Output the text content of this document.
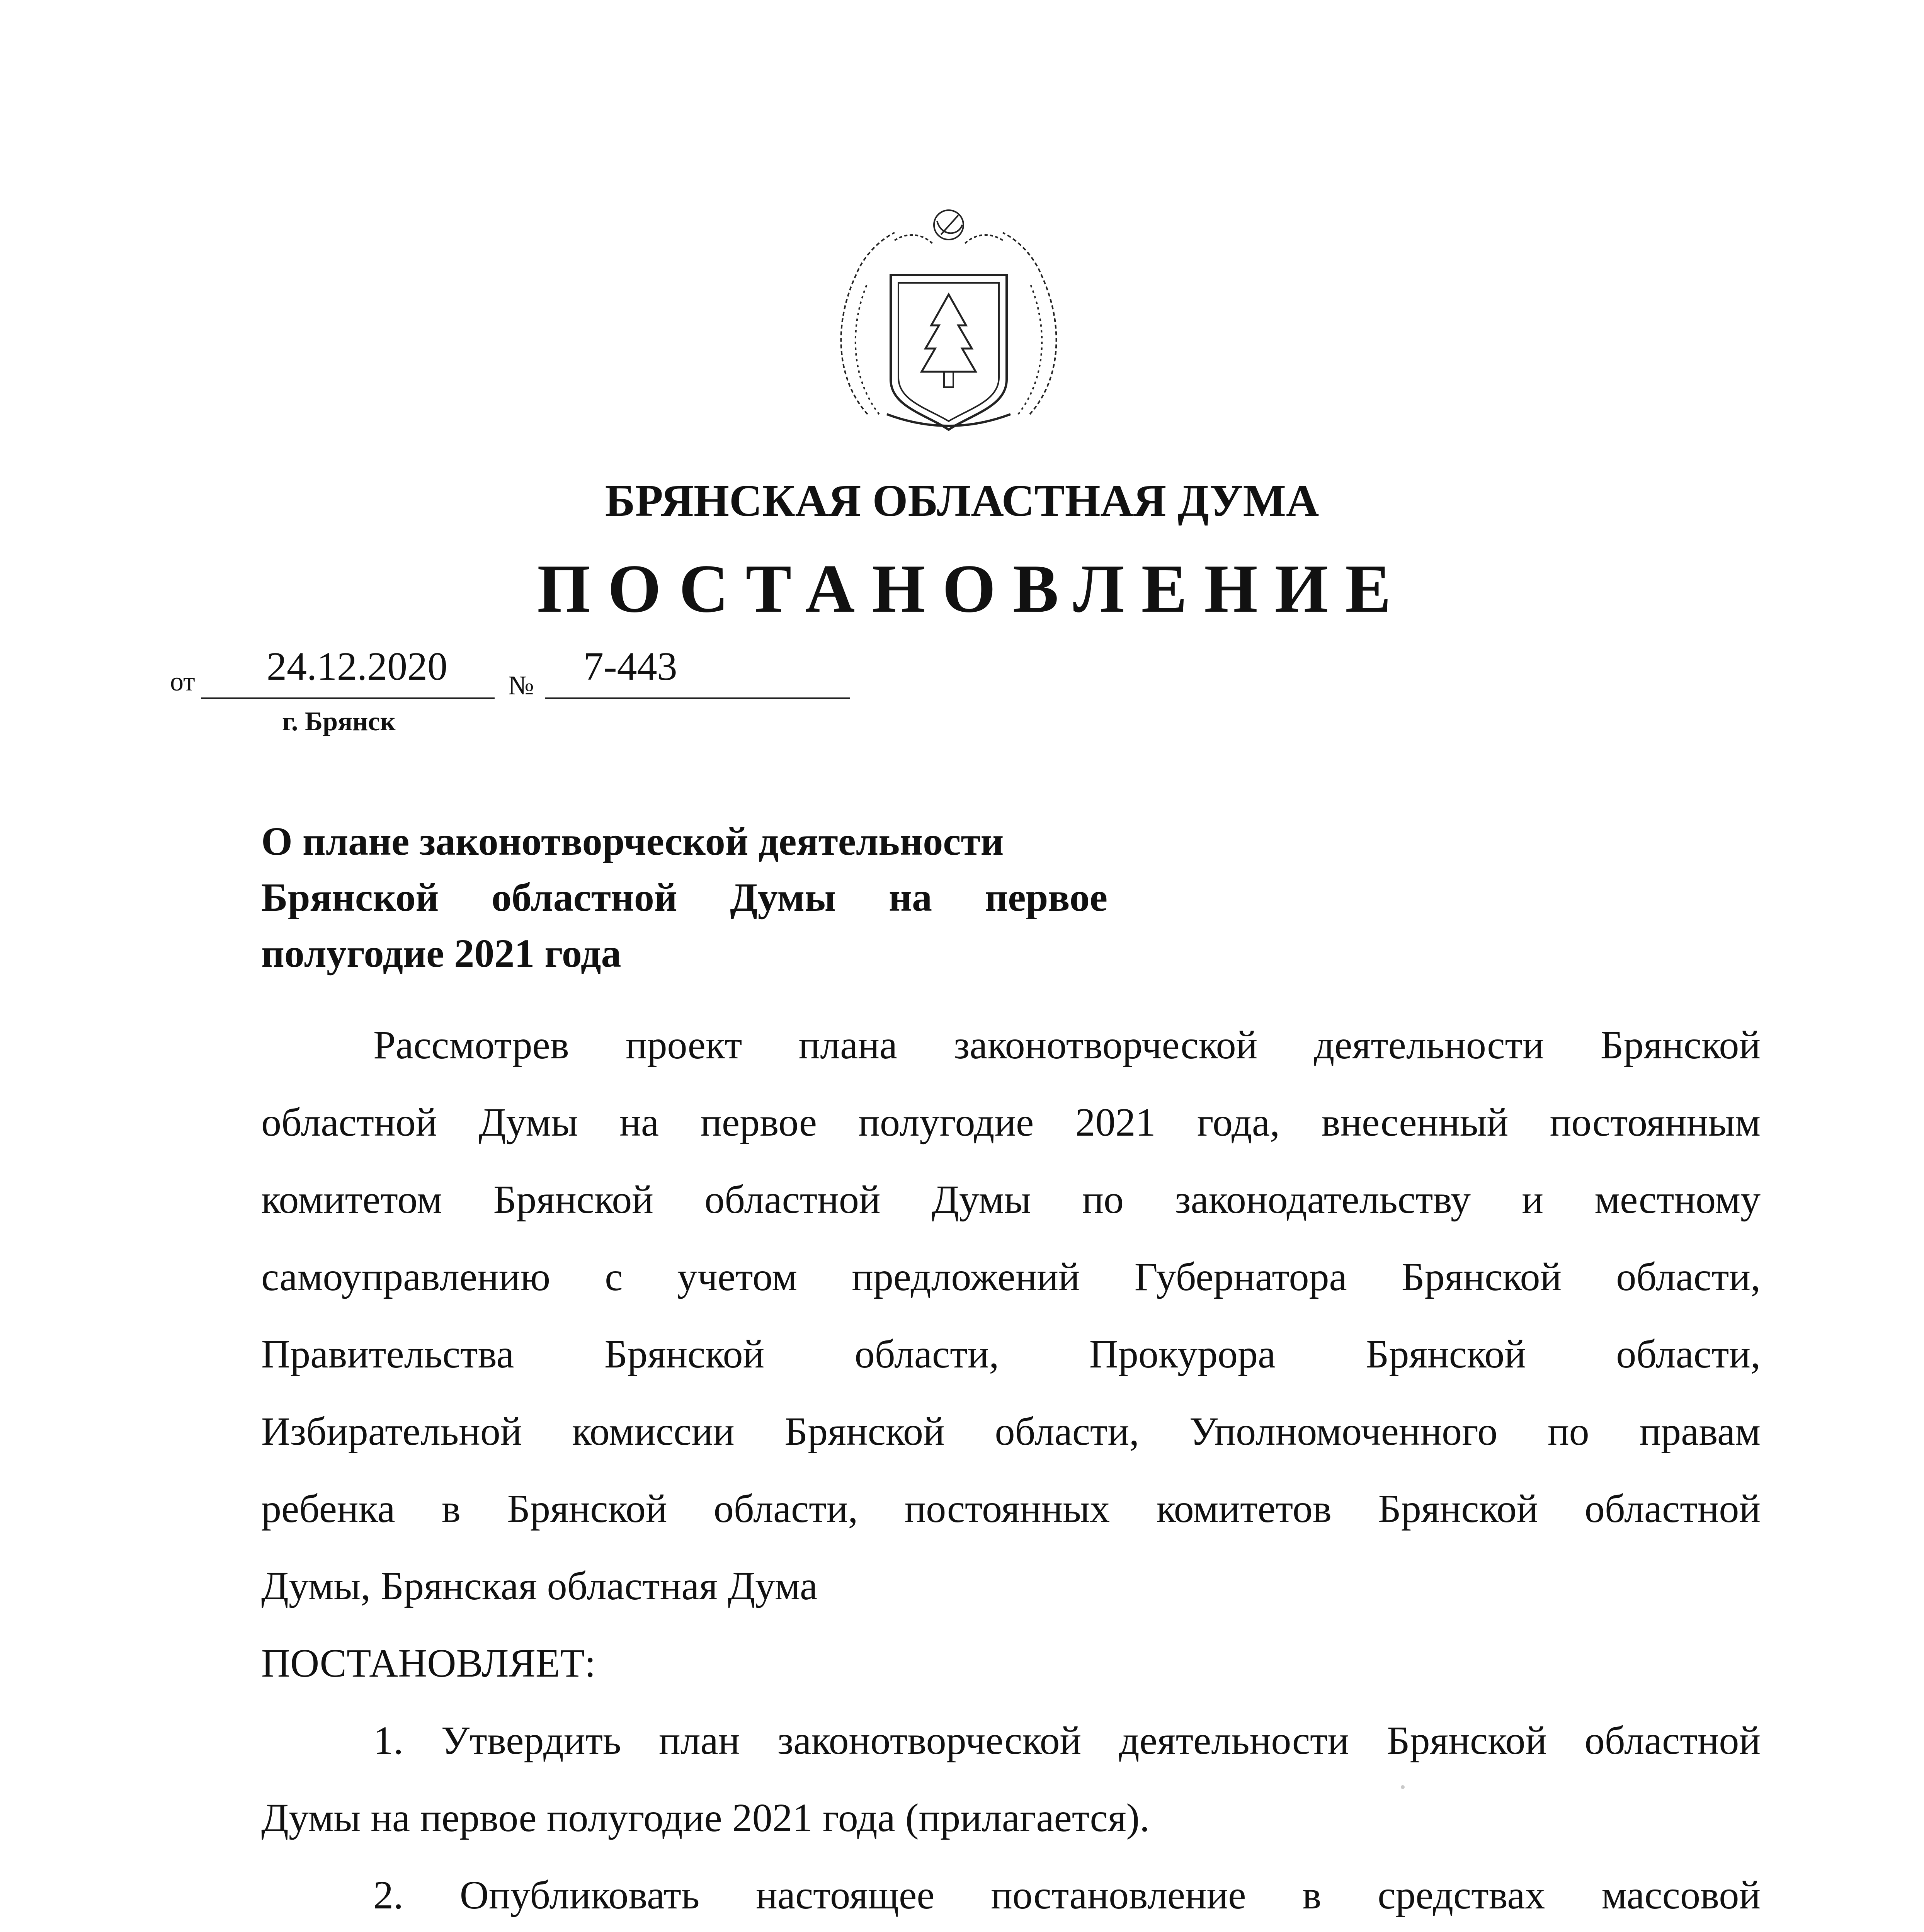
БРЯНСКАЯ ОБЛАСТНАЯ ДУМА
ПОСТАНОВЛЕНИЕ
от 24.12.2020 № 7-443
г. Брянск
О плане законотворческой деятельности
Брянской областной Думы на первое
полугодие 2021 года
Рассмотрев проект плана законотворческой деятельности Брянской
областной Думы на первое полугодие 2021 года, внесенный постоянным
комитетом Брянской областной Думы по законодательству и местному
самоуправлению с учетом предложений Губернатора Брянской области,
Правительства Брянской области, Прокурора Брянской области,
Избирательной комиссии Брянской области, Уполномоченного по правам
ребенка в Брянской области, постоянных комитетов Брянской областной
Думы, Брянская областная Дума
ПОСТАНОВЛЯЕТ:
1. Утвердить план законотворческой деятельности Брянской областной
Думы на первое полугодие 2021 года (прилагается).
2. Опубликовать настоящее постановление в средствах массовой
